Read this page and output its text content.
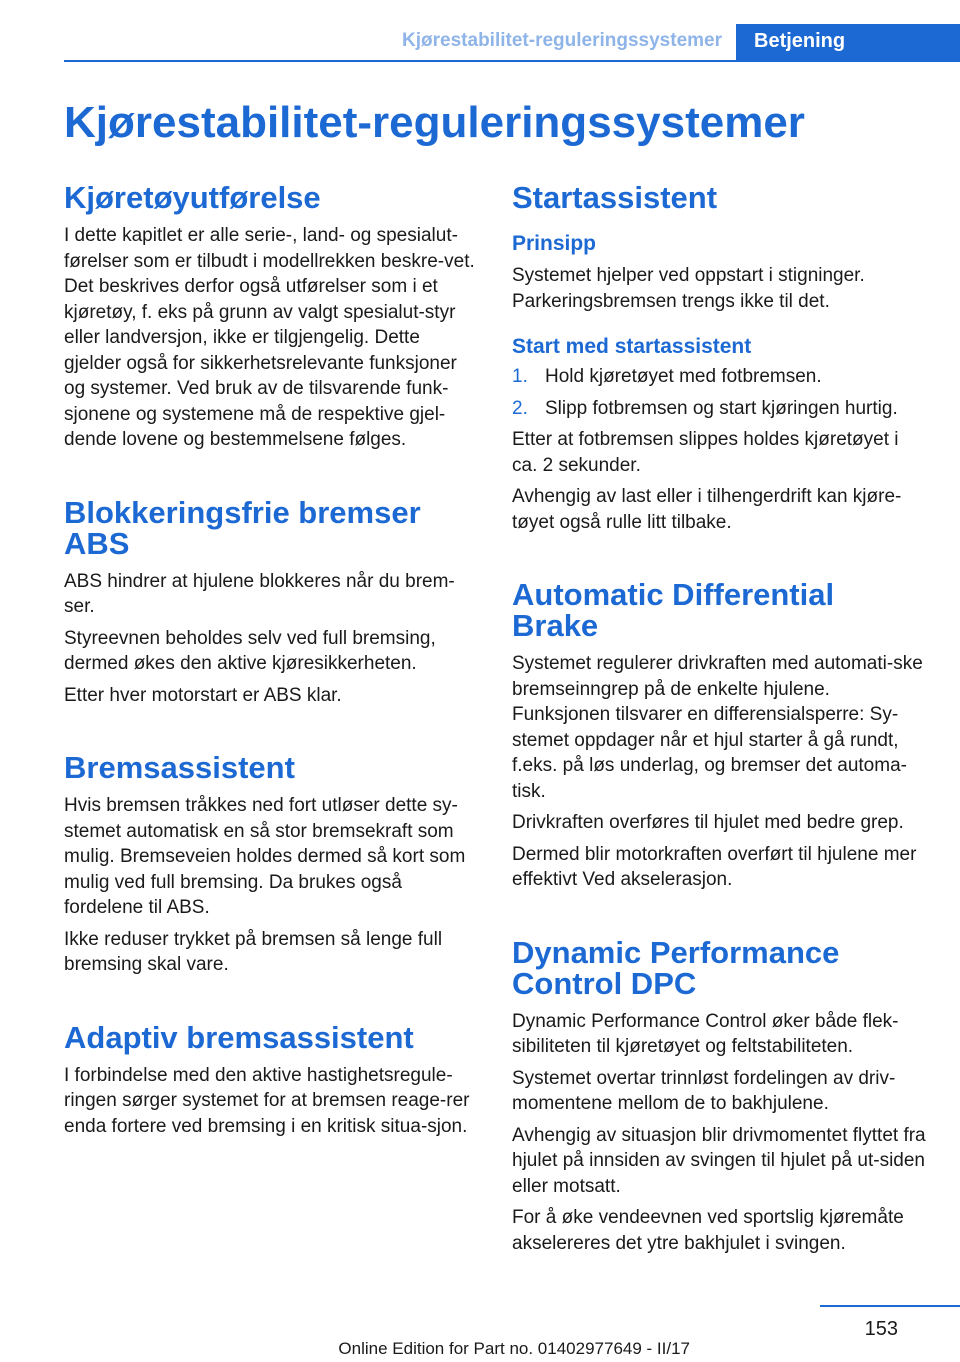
Kjørestabilitet-reguleringssystemer	Betjening
Kjørestabilitet-reguleringssystemer
Kjøretøyutførelse

I dette kapitlet er alle serie-, land- og spesialut-førelser som er tilbudt i modellrekken beskre-vet. Det beskrives derfor også utførelser som i et kjøretøy, f. eks på grunn av valgt spesialut-styr eller landversjon, ikke er tilgjengelig. Dette gjelder også for sikkerhetsrelevante funksjoner og systemer. Ved bruk av de tilsvarende funk-sjonene og systemene må de respektive gjel-dende lovene og bestemmelsene følges.

Blokkeringsfrie bremser ABS

ABS hindrer at hjulene blokkeres når du brem-ser.

Styreevnen beholdes selv ved full bremsing, dermed økes den aktive kjøresikkerheten.

Etter hver motorstart er ABS klar.

Bremsassistent

Hvis bremsen tråkkes ned fort utløser dette sy-stemet automatisk en så stor bremsekraft som mulig. Bremseveien holdes dermed så kort som mulig ved full bremsing. Da brukes også fordelene til ABS.

Ikke reduser trykket på bremsen så lenge full bremsing skal vare.

Adaptiv bremsassistent

I forbindelse med den aktive hastighetsregule-ringen sørger systemet for at bremsen reage-rer enda fortere ved bremsing i en kritisk situa-sjon.

Startassistent
Prinsipp

Systemet hjelper ved oppstart i stigninger. Parkeringsbremsen trengs ikke til det.

Start med startassistent
1. Hold kjøretøyet med fotbremsen.
2. Slipp fotbremsen og start kjøringen hurtig.

Etter at fotbremsen slippes holdes kjøretøyet i ca. 2 sekunder.

Avhengig av last eller i tilhengerdrift kan kjøre-tøyet også rulle litt tilbake.

Automatic Differential Brake

Systemet regulerer drivkraften med automati-ske bremseinngrep på de enkelte hjulene. Funksjonen tilsvarer en differensialsperre: Sy-stemet oppdager når et hjul starter å gå rundt, f.eks. på løs underlag, og bremser det automa-tisk.

Drivkraften overføres til hjulet med bedre grep.

Dermed blir motorkraften overført til hjulene mer effektivt Ved akselerasjon.

Dynamic Performance Control DPC

Dynamic Performance Control øker både flek-sibiliteten til kjøretøyet og feltstabiliteten.

Systemet overtar trinnløst fordelingen av driv-momentene mellom de to bakhjulene.

Avhengig av situasjon blir drivmomentet flyttet fra hjulet på innsiden av svingen til hjulet på ut-siden eller motsatt.

For å øke vendeevnen ved sportslig kjøremåte akselereres det ytre bakhjulet i svingen.

153
Online Edition for Part no. 01402977649 - II/17
